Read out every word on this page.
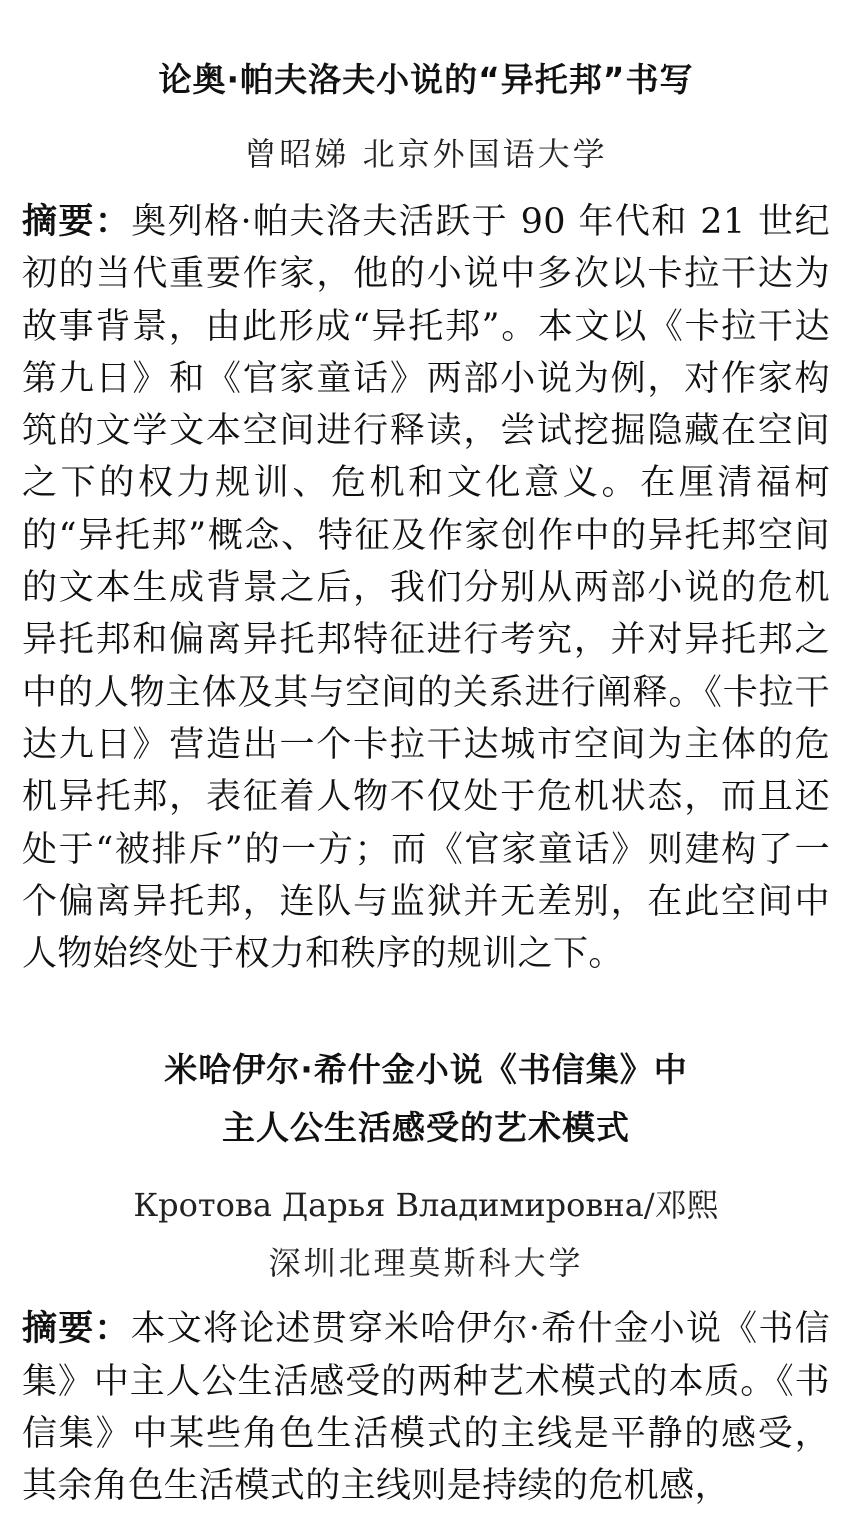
论奥·帕夫洛夫小说的“异托邦”书写
曾昭娣 北京外国语大学

摘要：奥列格·帕夫洛夫活跃于 90 年代和 21 世纪初的当代重要作家，他的小说中多次以卡拉干达为故事背景，由此形成“异托邦”。本文以《卡拉干达第九日》和《官家童话》两部小说为例，对作家构筑的文学文本空间进行释读，尝试挖掘隐藏在空间之下的权力规训、危机和文化意义。在厘清福柯的“异托邦”概念、特征及作家创作中的异托邦空间的文本生成背景之后，我们分别从两部小说的危机异托邦和偏离异托邦特征进行考究，并对异托邦之中的人物主体及其与空间的关系进行阐释。《卡拉干达九日》营造出一个卡拉干达城市空间为主体的危机异托邦，表征着人物不仅处于危机状态，而且还处于“被排斥”的一方；而《官家童话》则建构了一个偏离异托邦，连队与监狱并无差别，在此空间中人物始终处于权力和秩序的规训之下。

米哈伊尔·希什金小说《书信集》中
主人公生活感受的艺术模式
Кротова Дарья Владимировна/邓熙
深圳北理莫斯科大学

摘要：本文将论述贯穿米哈伊尔·希什金小说《书信集》中主人公生活感受的两种艺术模式的本质。《书信集》中某些角色生活模式的主线是平静的感受，其余角色生活模式的主线则是持续的危机感，
